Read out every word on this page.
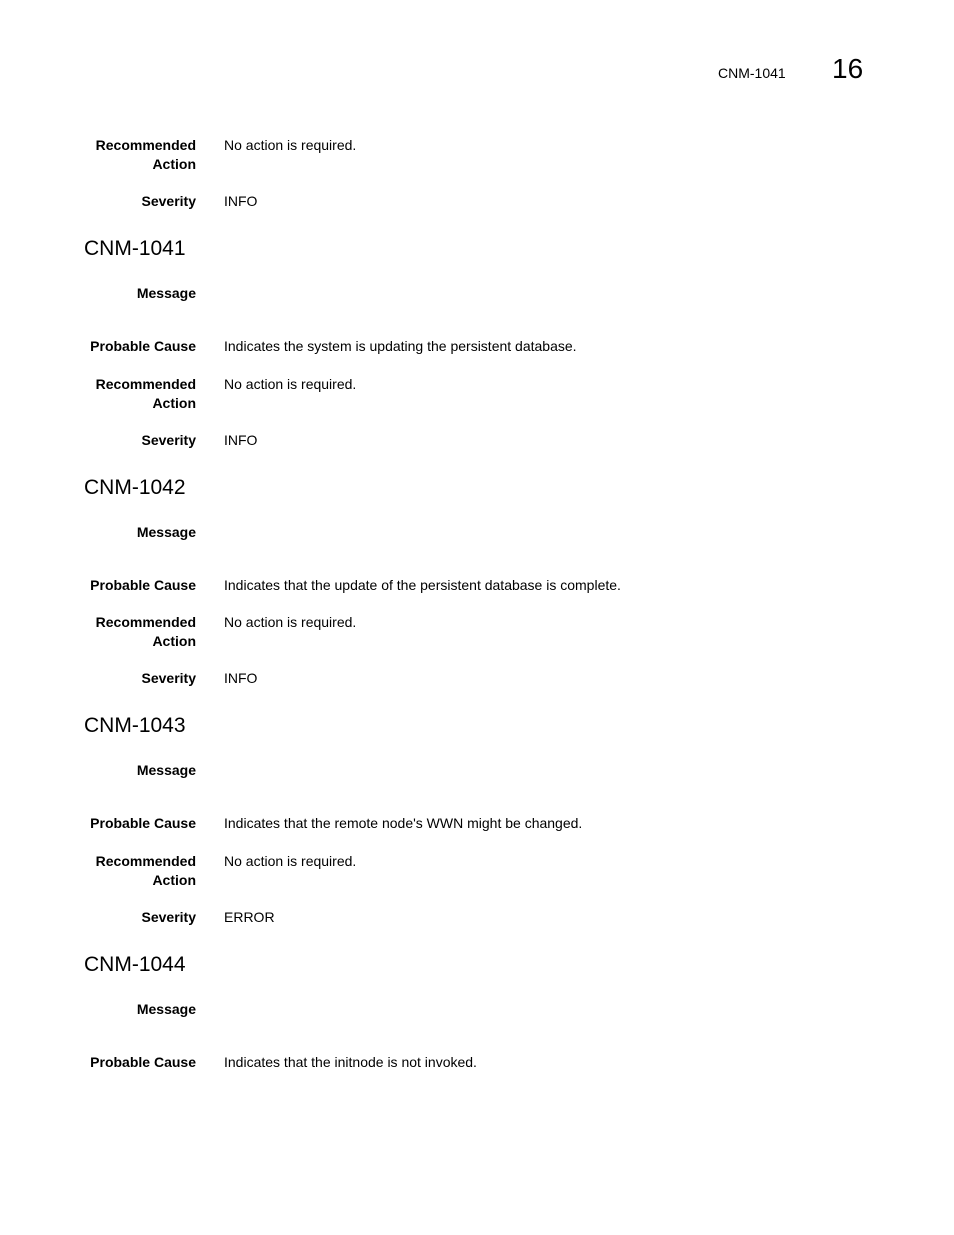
CNM-1041 16
Recommended
Action
No action is required.
Severity INFO
CNM-1041
Message
Probable Cause Indicates the system is updating the persistent database.
Recommended
Action
No action is required.
Severity INFO
CNM-1042
Message
Probable Cause Indicates that the update of the persistent database is complete.
Recommended
Action
No action is required.
Severity INFO
CNM-1043
Message
Probable Cause Indicates that the remote node's WWN might be changed.
Recommended
Action
No action is required.
Severity ERROR
CNM-1044
Message
Probable Cause Indicates that the initnode is not invoked.
